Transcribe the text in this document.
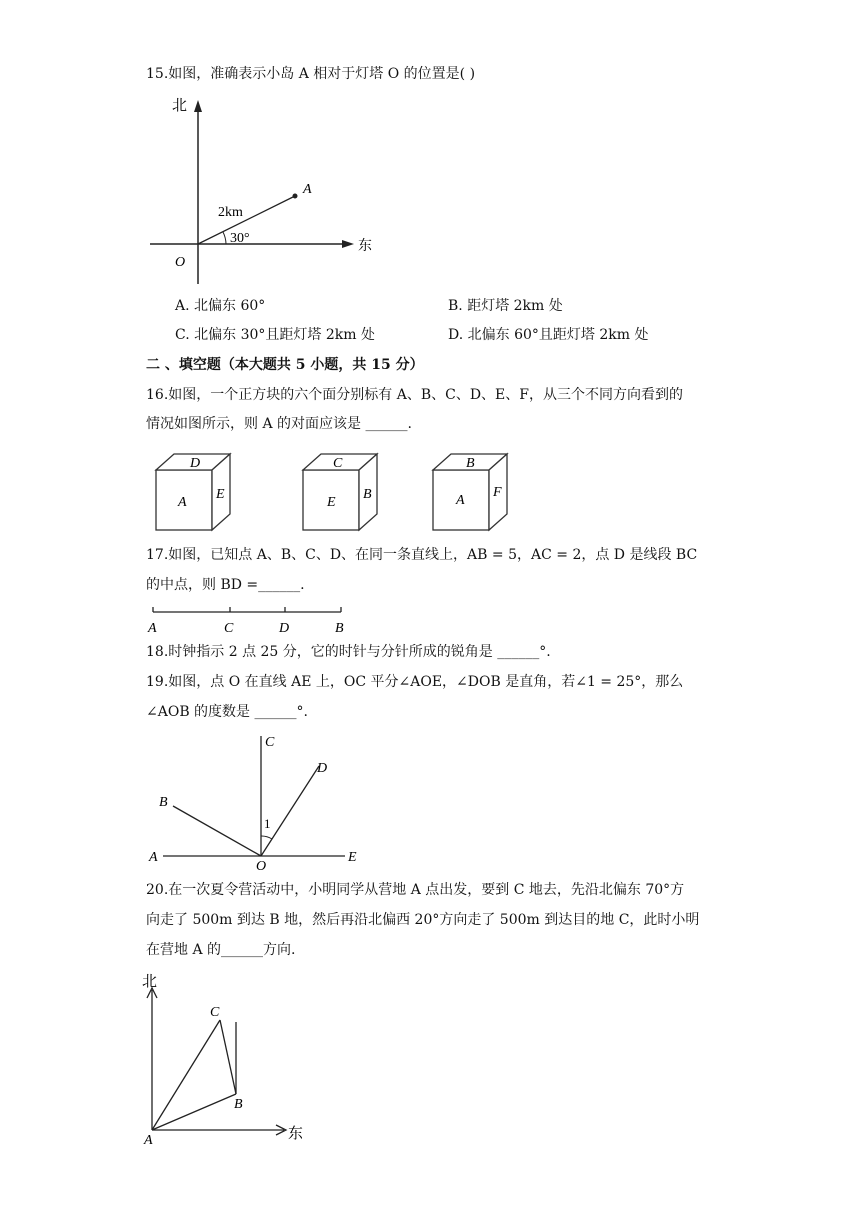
15.如图，准确表示小岛 A 相对于灯塔 O 的位置是( )
北
东
O
A
2km
30°
A. 北偏东 60°	B. 距灯塔 2km 处
C. 北偏东 30°且距灯塔 2km 处	D. 北偏东 60°且距灯塔 2km 处
二 、填空题（本大题共 5 小题，共 15 分）
16.如图，一个正方块的六个面分别标有 A、B、C、D、E、F，从三个不同方向看到的
情况如图所示，则 A 的对面应该是 ______.
D
A
E
C
E
B
B
A
F
17.如图，已知点 A、B、C、D、在同一条直线上，AB = 5，AC = 2，点 D 是线段 BC
的中点，则 BD =______.
A	C	D	B
18.时钟指示 2 点 25 分，它的时针与分针所成的锐角是 ______°.
19.如图，点 O 在直线 AE 上，OC 平分∠AOE，∠DOB 是直角，若∠1 = 25°，那么
∠AOB 的度数是 ______°.
A
B
C
D
E
O
1
20.在一次夏令营活动中，小明同学从营地 A 点出发，要到 C 地去，先沿北偏东 70°方
向走了 500m 到达 B 地，然后再沿北偏西 20°方向走了 500m 到达目的地 C，此时小明
在营地 A 的______方向.
北
东
A
B
C
